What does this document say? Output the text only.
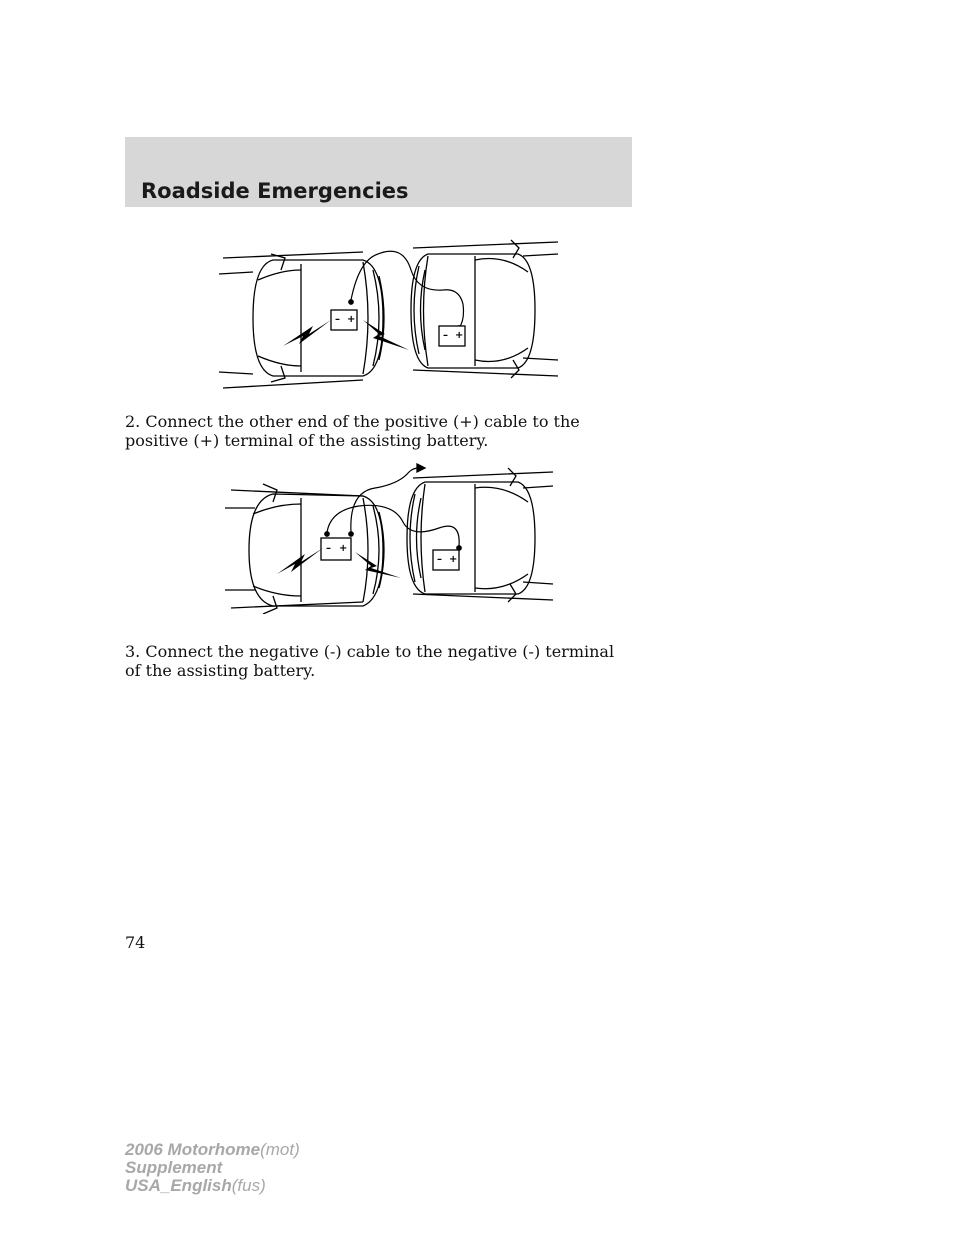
Roadside Emergencies
– +
– +
2. Connect the other end of the positive (+) cable to the positive (+) terminal of the assisting battery.
– +
– +
3. Connect the negative (-) cable to the negative (-) terminal of the assisting battery.
74
2006 Motorhome(mot)
Supplement
USA_English(fus)
